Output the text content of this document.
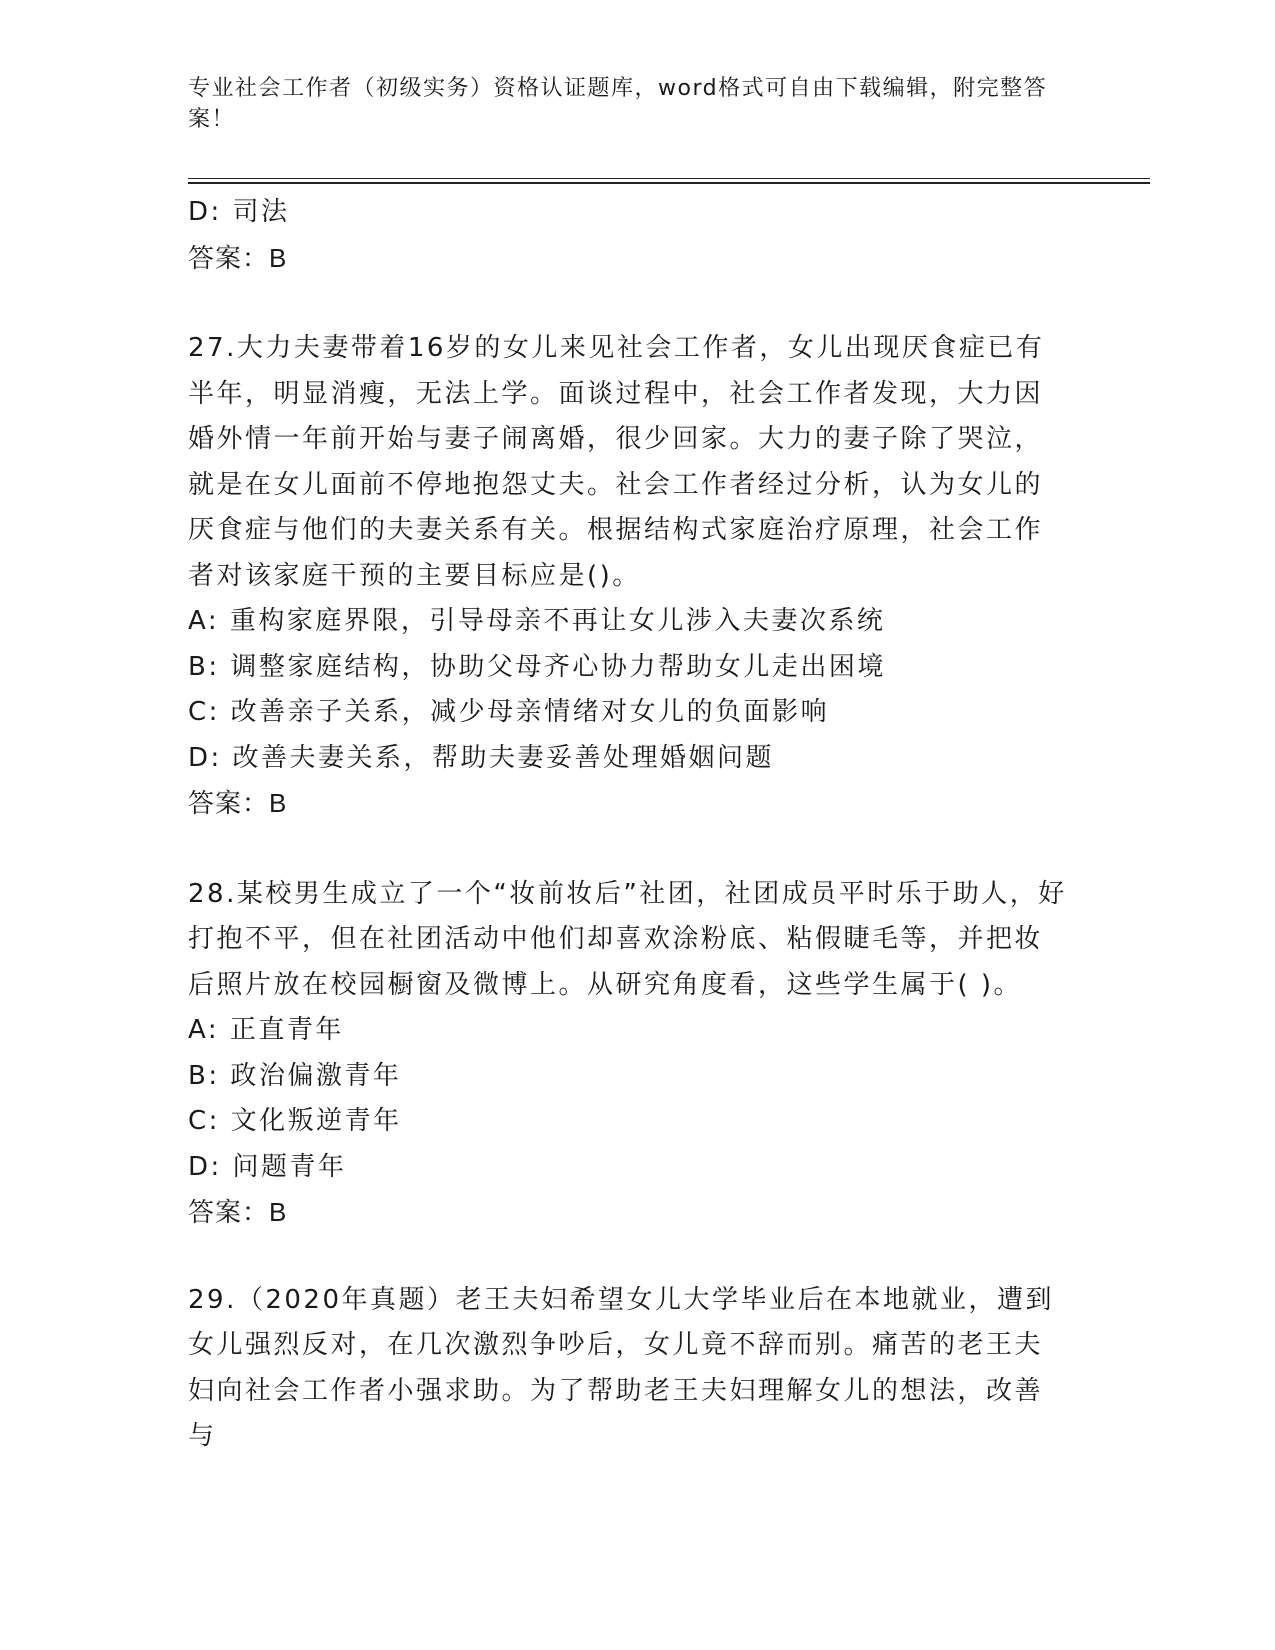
专业社会工作者（初级实务）资格认证题库，word格式可自由下载编辑，附完整答案！
D: 司法
答案：B
27.大力夫妻带着16岁的女儿来见社会工作者，女儿出现厌食症已有半年，明显消瘦，无法上学。面谈过程中，社会工作者发现，大力因婚外情一年前开始与妻子闹离婚，很少回家。大力的妻子除了哭泣，就是在女儿面前不停地抱怨丈夫。社会工作者经过分析，认为女儿的厌食症与他们的夫妻关系有关。根据结构式家庭治疗原理，社会工作者对该家庭干预的主要目标应是()。
A: 重构家庭界限，引导母亲不再让女儿涉入夫妻次系统
B: 调整家庭结构，协助父母齐心协力帮助女儿走出困境
C: 改善亲子关系，减少母亲情绪对女儿的负面影响
D: 改善夫妻关系，帮助夫妻妥善处理婚姻问题
答案：B
28.某校男生成立了一个“妆前妆后”社团，社团成员平时乐于助人，好打抱不平，但在社团活动中他们却喜欢涂粉底、粘假睫毛等，并把妆后照片放在校园橱窗及微博上。从研究角度看，这些学生属于( )。
A: 正直青年
B: 政治偏激青年
C: 文化叛逆青年
D: 问题青年
答案：B
29.（2020年真题）老王夫妇希望女儿大学毕业后在本地就业，遭到女儿强烈反对，在几次激烈争吵后，女儿竟不辞而别。痛苦的老王夫妇向社会工作者小强求助。为了帮助老王夫妇理解女儿的想法，改善与
